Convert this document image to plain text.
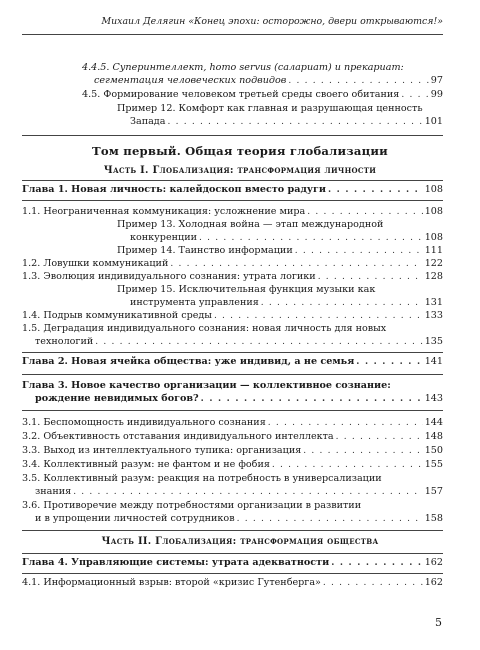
Михаил Делягин «Конец эпохи: осторожно, двери открываются!»
4.4.5. Суперинтеллект, homo servus (салариат) и прекариат:
сегментация человеческих подвидов . . .	97
4.5. Формирование человеком третьей среды своего обитания . . .	99
Пример 12. Комфорт как главная и разрушающая ценность
Запада . . .	101
Том первый. Общая теория глобализации
Часть I. Глобализация: трансформация личности
Глава 1. Новая личность: калейдоскоп вместо радуги . . .	108
1.1. Неограниченная коммуникация: усложнение мира . . .	108
Пример 13. Холодная война — этап международной
конкуренции . . .	108
Пример 14. Таинство информации . . .	111
1.2. Ловушки коммуникаций . . .	122
1.3. Эволюция индивидуального сознания: утрата логики . . .	128
Пример 15. Исключительная функция музыки как
инструмента управления . . .	131
1.4. Подрыв коммуникативной среды . . .	133
1.5. Деградация индивидуального сознания: новая личность для новых
технологий . . .	135
Глава 2. Новая ячейка общества: уже индивид, а не семья . . .	141
Глава 3. Новое качество организации — коллективное сознание:
рождение невидимых богов? . . .	143
3.1. Беспомощность индивидуального сознания . . .	144
3.2. Объективность отставания индивидуального интеллекта . . .	148
3.3. Выход из интеллектуального тупика: организация . . .	150
3.4. Коллективный разум: не фантом и не фобия . . .	155
3.5. Коллективный разум: реакция на потребность в универсализации
знания . . .	157
3.6. Противоречие между потребностями организации в развитии
и в упрощении личностей сотрудников . . .	158
Часть II. Глобализация: трансформация общества
Глава 4. Управляющие системы: утрата адекватности . . .	162
4.1. Информационный взрыв: второй «кризис Гутенберга» . . .	162
5
